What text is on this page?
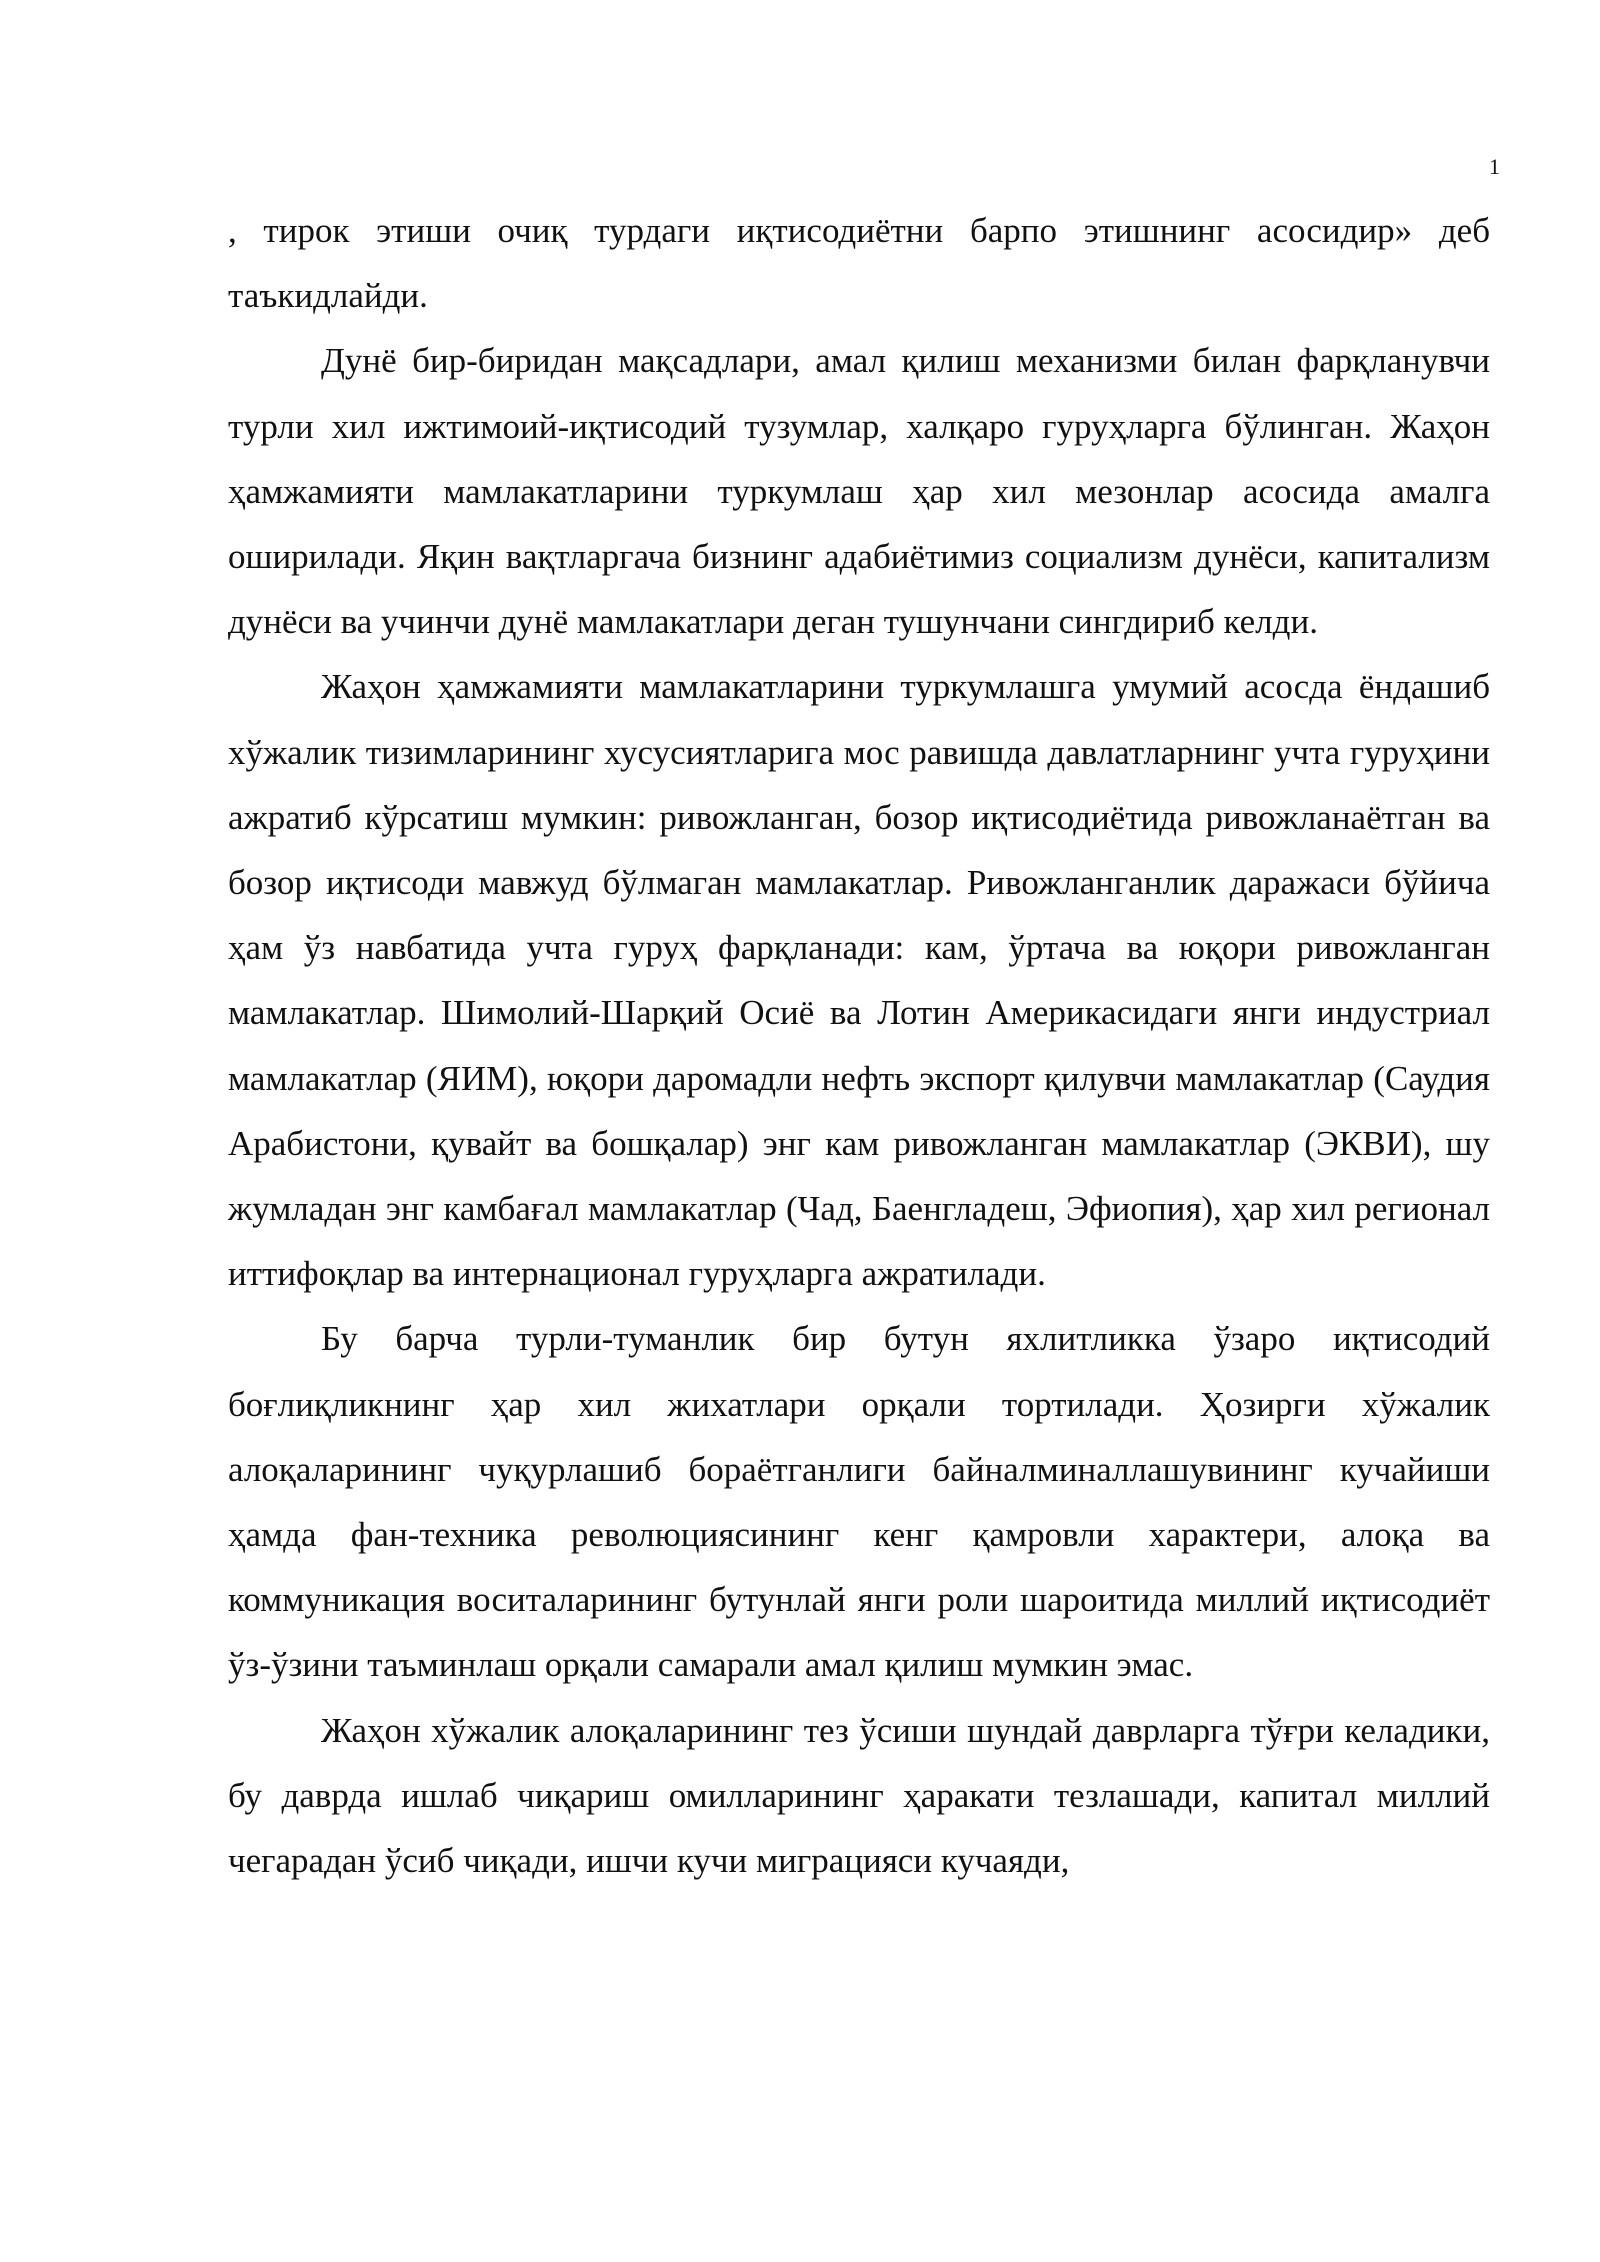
1

, тирок этиши очиқ турдаги иқтисодиётни барпо этишнинг асосидир» деб таъкидлайди.

Дунё бир-биридан мақсадлари, амал қилиш механизми билан фарқланувчи турли хил ижтимоий-иқтисодий тузумлар, халқаро гуруҳларга бўлинган. Жаҳон ҳамжамияти мамлакатларини туркумлаш ҳар хил мезонлар асосида амалга оширилади. Яқин вақтларгача бизнинг адабиётимиз социализм дунёси, капитализм дунёси ва учинчи дунё мамлакатлари деган тушунчани сингдириб келди.

Жаҳон ҳамжамияти мамлакатларини туркумлашга умумий асосда ёндашиб хўжалик тизимларининг хусусиятларига мос равишда давлатларнинг учта гуруҳини ажратиб кўрсатиш мумкин: ривожланган, бозор иқтисодиётида ривожланаётган ва бозор иқтисоди мавжуд бўлмаган мамлакатлар. Ривожланганлик даражаси бўйича ҳам ўз навбатида учта гуруҳ фарқланади: кам, ўртача ва юқори ривожланган мамлакатлар. Шимолий-Шарқий Осиё ва Лотин Америкасидаги янги индустриал мамлакатлар (ЯИМ), юқори даромадли нефть экспорт қилувчи мамлакатлар (Саудия Арабистони, қувайт ва бошқалар) энг кам ривожланган мамлакатлар (ЭКВИ), шу жумладан энг камбағал мамлакатлар (Чад, Баенгладеш, Эфиопия), ҳар хил регионал иттифоқлар ва интернационал гуруҳларга ажратилади.

Бу барча турли-туманлик бир бутун яхлитликка ўзаро иқтисодий боғлиқликнинг ҳар хил жихатлари орқали тортилади. Ҳозирги хўжалик алоқаларининг чуқурлашиб бораётганлиги байналминаллашувининг кучайиши ҳамда фан-техника революциясининг кенг қамровли характери, алоқа ва коммуникация воситаларининг бутунлай янги роли шароитида миллий иқтисодиёт ўз-ўзини таъминлаш орқали самарали амал қилиш мумкин эмас.

Жаҳон хўжалик алоқаларининг тез ўсиши шундай даврларга тўғри келадики, бу даврда ишлаб чиқариш омилларининг ҳаракати тезлашади, капитал миллий чегарадан ўсиб чиқади, ишчи кучи миграцияси кучаяди,
